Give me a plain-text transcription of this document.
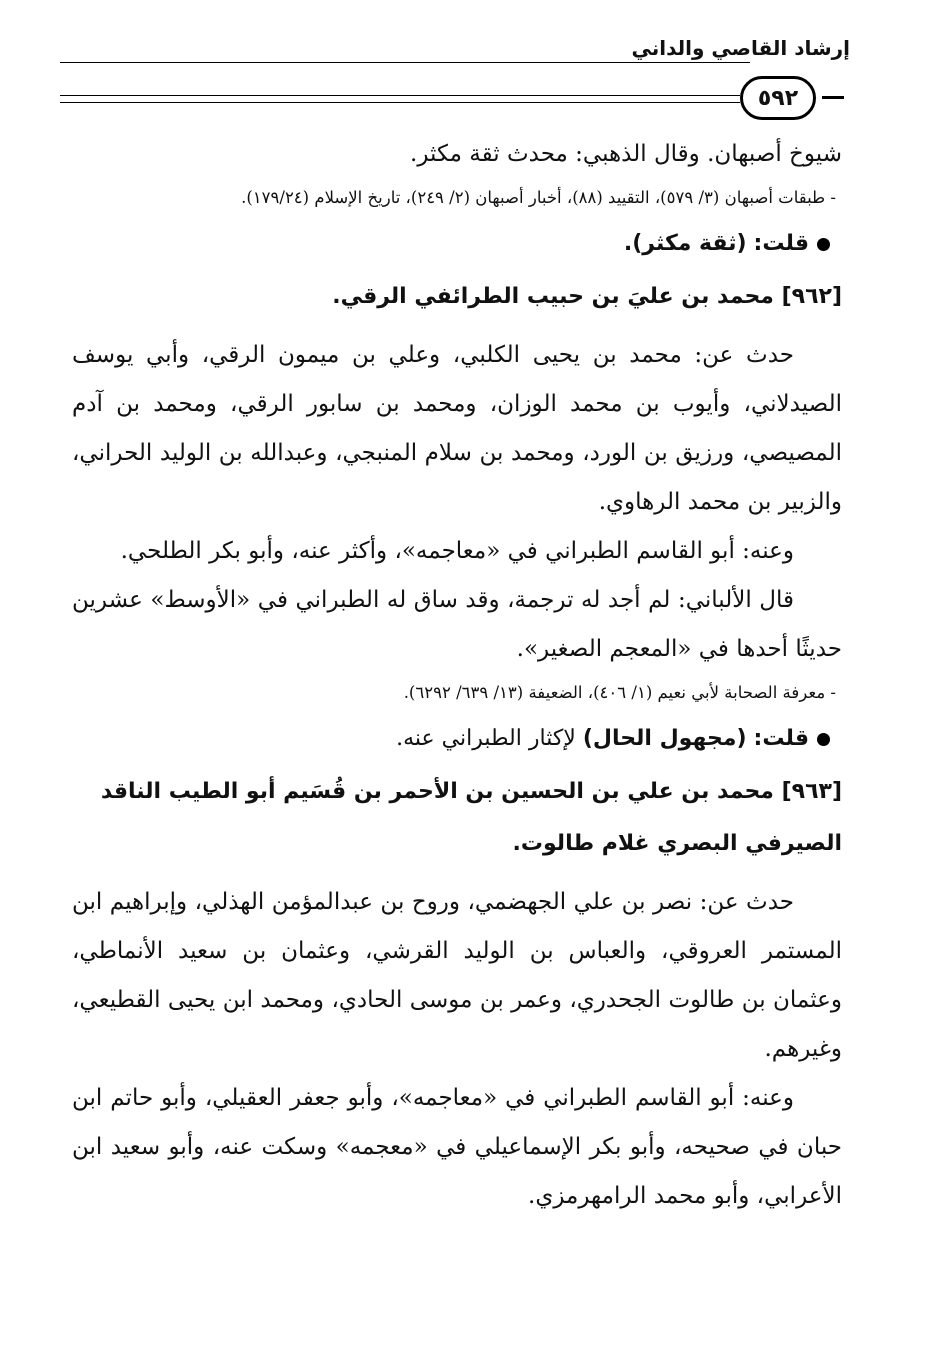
إرشاد القاصي والداني
٥٩٢

شيوخ أصبهان. وقال الذهبي: محدث ثقة مكثر.

- طبقات أصبهان (٣/ ٥٧٩)، التقييد (٨٨)، أخبار أصبهان (٢/ ٢٤٩)، تاريخ الإسلام (١٧٩/٢٤).

قلت: (ثقة مكثر).

[٩٦٢] محمد بن عليَ بن حبيب الطرائفي الرقي.

حدث عن: محمد بن يحيى الكلبي، وعلي بن ميمون الرقي، وأبي يوسف الصيدلاني، وأيوب بن محمد الوزان، ومحمد بن سابور الرقي، ومحمد بن آدم المصيصي، ورزيق بن الورد، ومحمد بن سلام المنبجي، وعبدالله بن الوليد الحراني، والزبير بن محمد الرهاوي.

وعنه: أبو القاسم الطبراني في «معاجمه»، وأكثر عنه، وأبو بكر الطلحي.

قال الألباني: لم أجد له ترجمة، وقد ساق له الطبراني في «الأوسط» عشرين حديثًا أحدها في «المعجم الصغير».

- معرفة الصحابة لأبي نعيم (١/ ٤٠٦)، الضعيفة (١٣/ ٦٣٩/ ٦٢٩٢).

قلت: (مجهول الحال) لإكثار الطبراني عنه.

[٩٦٣] محمد بن علي بن الحسين بن الأحمر بن قُسَيم أبو الطيب الناقد الصيرفي البصري غلام طالوت.

حدث عن: نصر بن علي الجهضمي، وروح بن عبدالمؤمن الهذلي، وإبراهيم ابن المستمر العروقي، والعباس بن الوليد القرشي، وعثمان بن سعيد الأنماطي، وعثمان بن طالوت الجحدري، وعمر بن موسى الحادي، ومحمد ابن يحيى القطيعي، وغيرهم.

وعنه: أبو القاسم الطبراني في «معاجمه»، وأبو جعفر العقيلي، وأبو حاتم ابن حبان في صحيحه، وأبو بكر الإسماعيلي في «معجمه» وسكت عنه، وأبو سعيد ابن الأعرابي، وأبو محمد الرامهرمزي.
